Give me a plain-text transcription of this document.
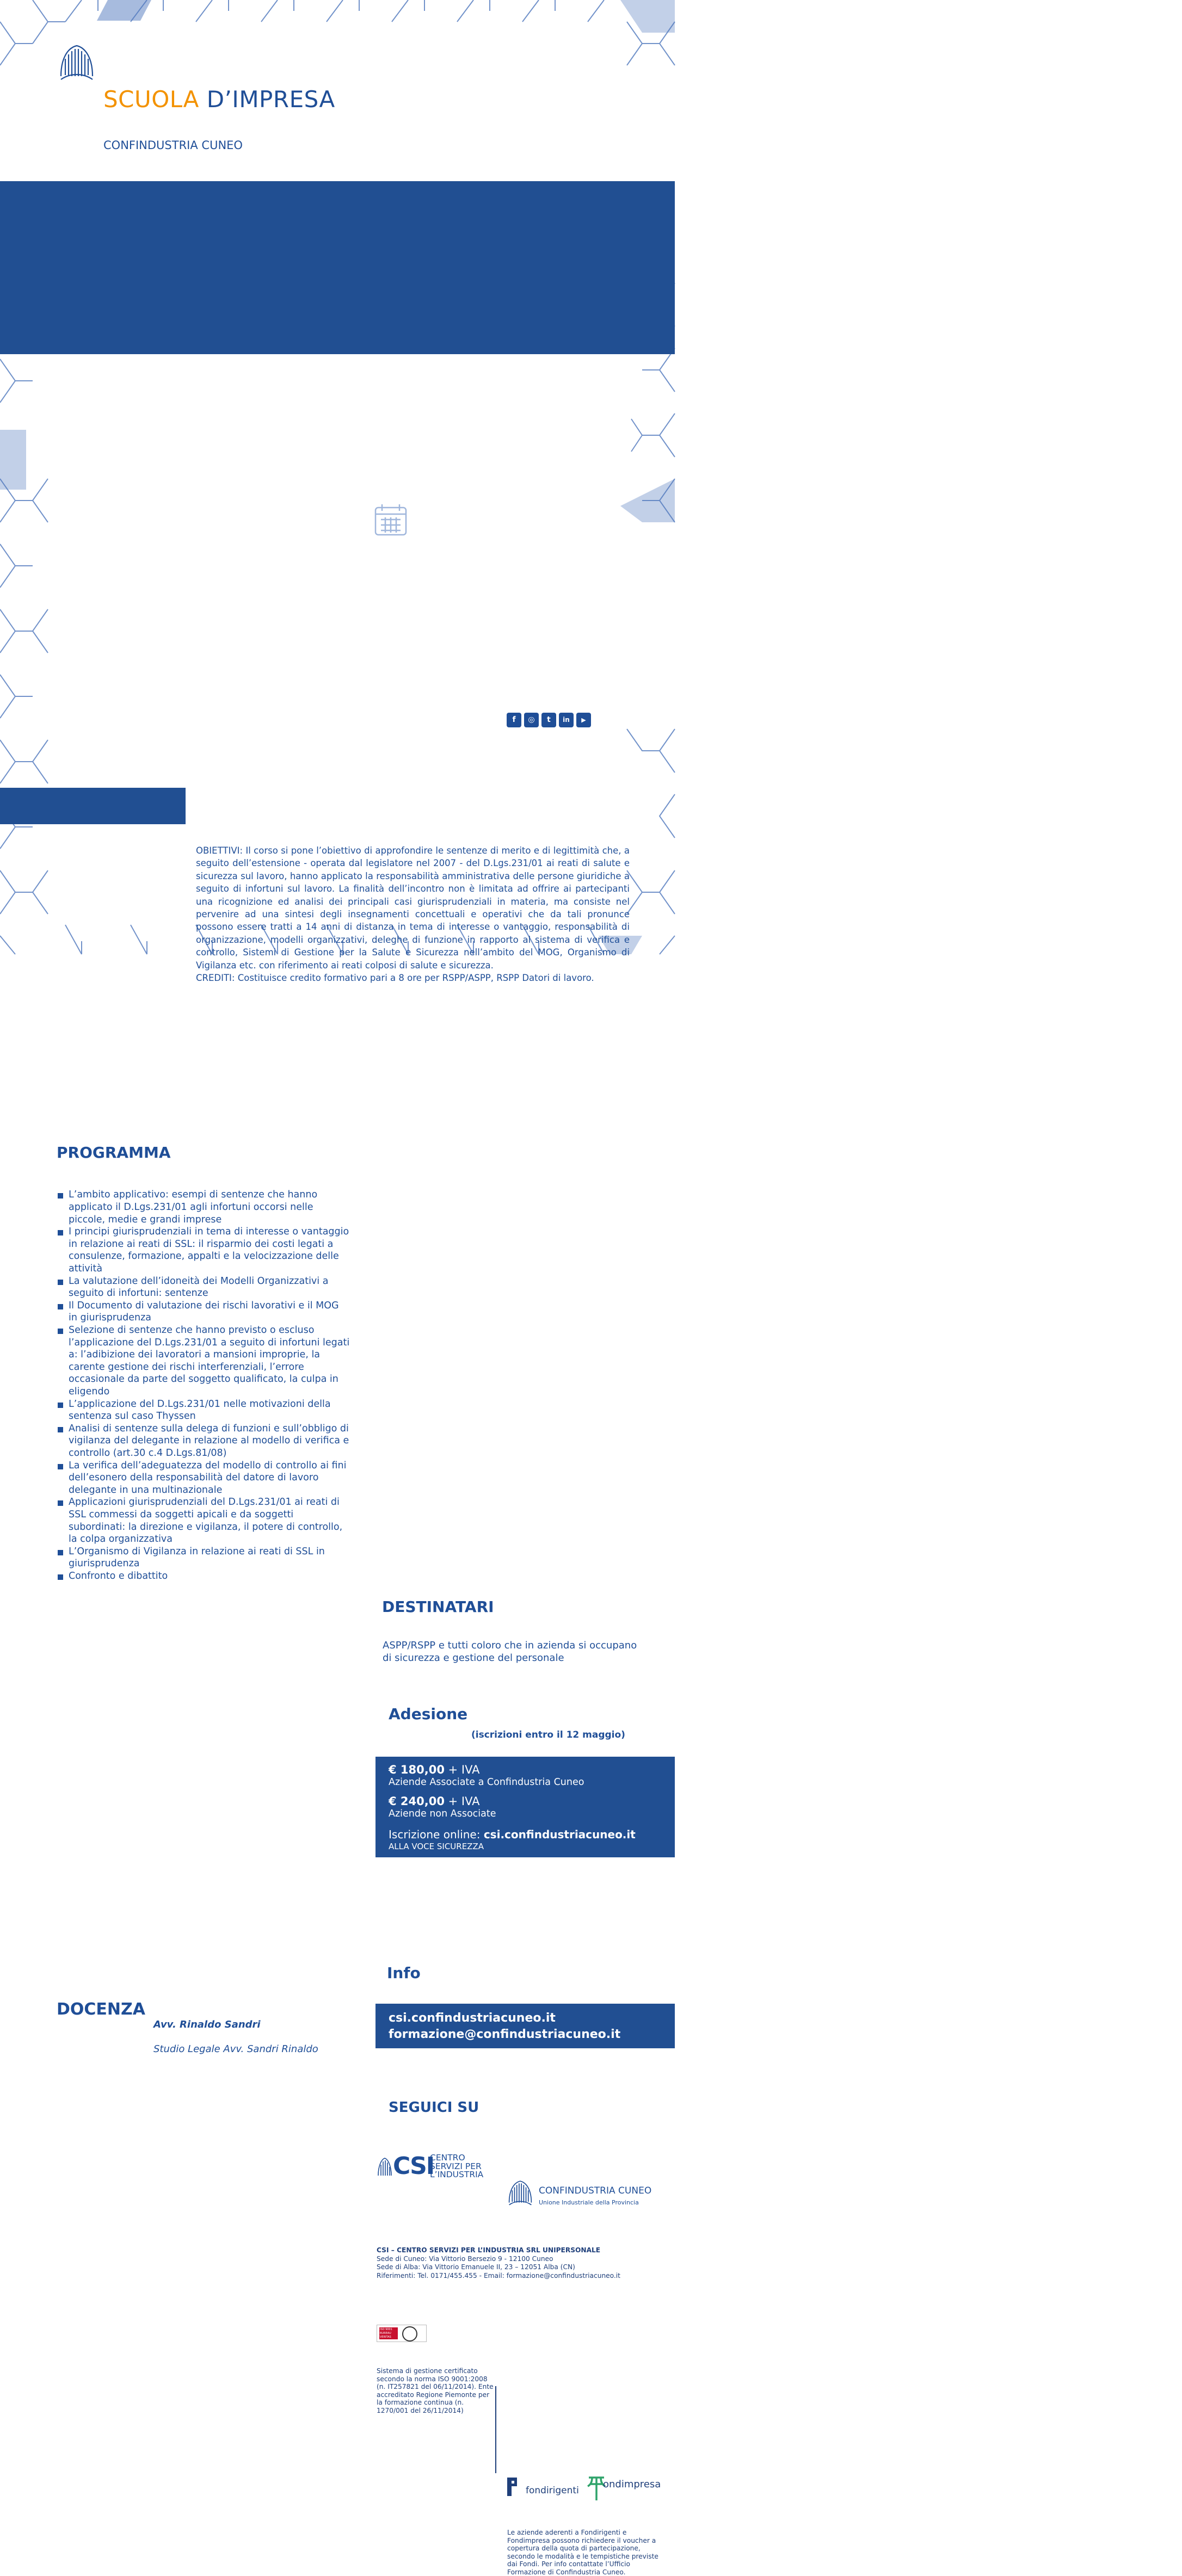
SCUOLA D’IMPRESA
CONFINDUSTRIA CUNEO
QUALI INSEGNAMENTI TRARRE DALLE SENTENZE CHE HANNO APPLICATO IL D.LGS.231/01 AGLI INFORTUNI SUL LAVORO DAL 2007 AD OGGI
CORSO IN PRESENZA
presso Centro Servizi per l’Industria Srl Unipersonale - via Vittorio Bersezio 9, Cuneo
SAVE THE DATE
20 maggio 2022
ORARIO 09.00-13.00 e 14.00-18.00
DURATA: 8 ORE
ISCRIZIONI ENTRO IL 12 MAGGIO 2022
IL CORSO	OBIETTIVI: Il corso si pone l’obiettivo di approfondire le sentenze di merito e di legittimità che, a seguito dell’estensione - operata dal legislatore nel 2007 - del D.Lgs.231/01 ai reati di salute e sicurezza sul lavoro, hanno applicato la responsabilità amministrativa delle persone giuridiche a seguito di infortuni sul lavoro. La finalità dell’incontro non è limitata ad offrire ai partecipanti una ricognizione ed analisi dei principali casi giurisprudenziali in materia, ma consiste nel pervenire ad una sintesi degli insegnamenti concettuali e operativi che da tali pronunce possono essere tratti a 14 anni di distanza in tema di interesse o vantaggio, responsabilità di organizzazione, modelli organizzativi, deleghe di funzione in rapporto al sistema di verifica e controllo, Sistemi di Gestione per la Salute e Sicurezza nell’ambito del MOG, Organismo di Vigilanza etc. con riferimento ai reati colposi di salute e sicurezza.

CREDITI: Costituisce credito formativo pari a 8 ore per RSPP/ASPP, RSPP Datori di lavoro.

PROGRAMMA
L’ambito applicativo: esempi di sentenze che hanno applicato il D.Lgs.231/01 agli infortuni occorsi nelle piccole, medie e grandi imprese
I principi giurisprudenziali in tema di interesse o vantaggio in relazione ai reati di SSL: il risparmio dei costi legati a consulenze, formazione, appalti e la velocizzazione delle attività
La valutazione dell’idoneità dei Modelli Organizzativi a seguito di infortuni: sentenze
Il Documento di valutazione dei rischi lavorativi e il MOG in giurisprudenza
Selezione di sentenze che hanno previsto o escluso l’applicazione del D.Lgs.231/01 a seguito di infortuni legati a: l’adibizione dei lavoratori a mansioni improprie, la carente gestione dei rischi interferenziali, l’errore occasionale da parte del soggetto qualificato, la culpa in eligendo
L’applicazione del D.Lgs.231/01 nelle motivazioni della sentenza sul caso Thyssen
Analisi di sentenze sulla delega di funzioni e sull’obbligo di vigilanza del delegante in relazione al modello di verifica e controllo (art.30 c.4 D.Lgs.81/08)
La verifica dell’adeguatezza del modello di controllo ai fini dell’esonero della responsabilità del datore di lavoro delegante in una multinazionale
Applicazioni giurisprudenziali del D.Lgs.231/01 ai reati di SSL commessi da soggetti apicali e da soggetti subordinati: la direzione e vigilanza, il potere di controllo, la colpa organizzativa
L’Organismo di Vigilanza in relazione ai reati di SSL in giurisprudenza
Confronto e dibattito
DOCENZA
Avv. Rinaldo Sandri
Studio Legale Avv. Sandri Rinaldo
DESTINATARI
ASPP/RSPP e tutti coloro che in azienda si occupano di sicurezza e gestione del personale
Adesione
(iscrizioni entro il 12 maggio)
€ 180,00 + IVA
Aziende Associate a Confindustria Cuneo
€ 240,00 + IVA
Aziende non Associate
Iscrizione online: csi.confindustriacuneo.it
ALLA VOCE SICUREZZA
Info
csi.confindustriacuneo.it
formazione@confindustriacuneo.it
SEGUICI SU
f	◎	t	in	▶
CSI
CENTRO
SERVIZI PER
L’INDUSTRIA
CONFINDUSTRIA CUNEO
Unione Industriale della Provincia
CSI – CENTRO SERVIZI PER L’INDUSTRIA SRL UNIPERSONALE
Sede di Cuneo: Via Vittorio Bersezio 9 - 12100 Cuneo
Sede di Alba: Via Vittorio Emanuele II, 23 – 12051 Alba (CN)
Riferimenti: Tel. 0171/455.455 - Email: formazione@confindustriacuneo.it
ISO 9001 BUREAU VERITAS Certification
Sistema di gestione certificato secondo la norma ISO 9001:2008 (n. IT257821 del 06/11/2014). Ente accreditato Regione Piemonte per la formazione continua (n. 1270/001 del 26/11/2014)
fondirigenti
ondimpresa
Le aziende aderenti a Fondirigenti e Fondimpresa possono richiedere il voucher a copertura della quota di partecipazione, secondo le modalità e le tempistiche previste dai Fondi. Per info contattate l’Ufficio Formazione di Confindustria Cuneo.
